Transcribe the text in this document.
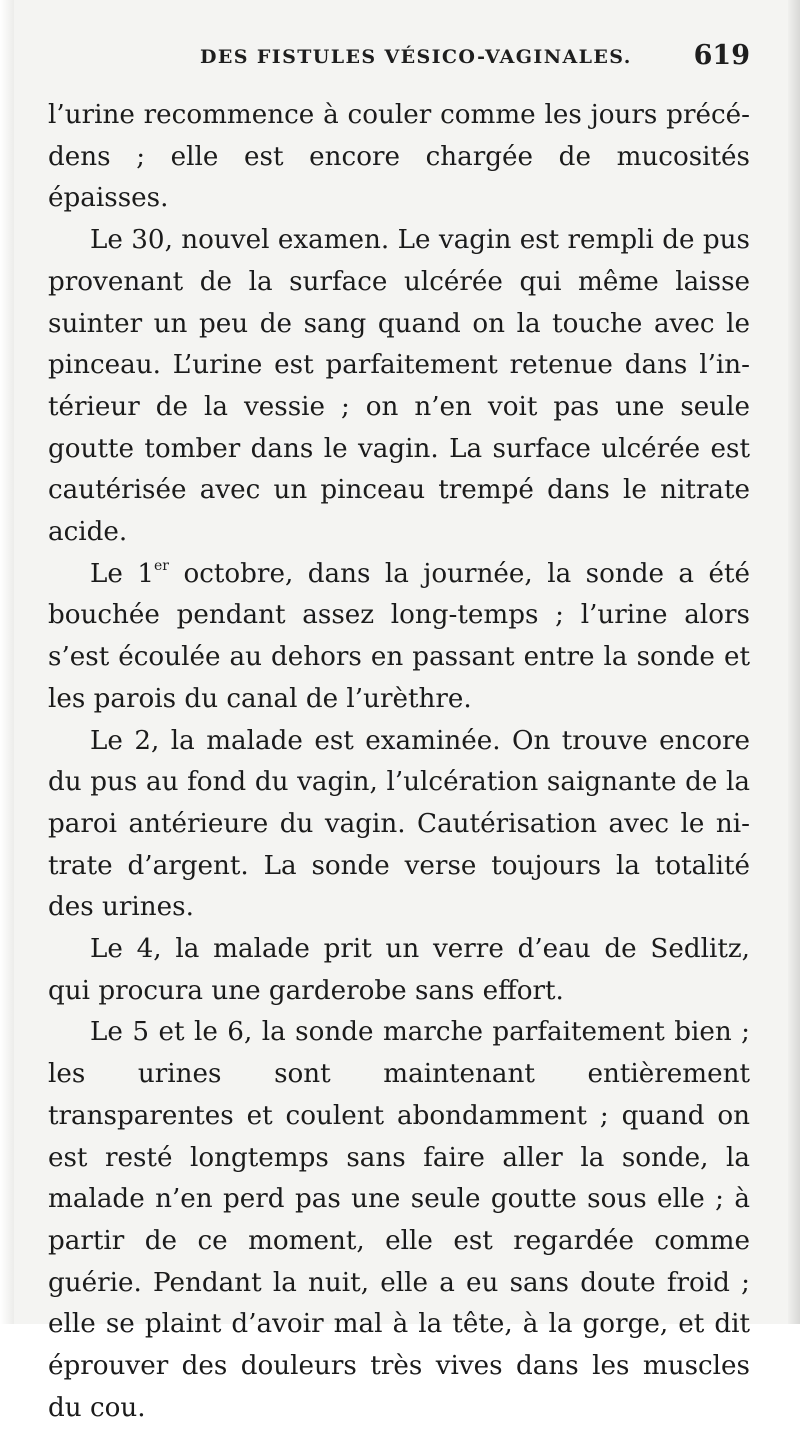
DES FISTULES VÉSICO-VAGINALES. 619

l’urine recommence à couler comme les jours précédens ; elle est encore chargée de mucosités épaisses.

Le 30, nouvel examen. Le vagin est rempli de pus provenant de la surface ulcérée qui même laisse suinter un peu de sang quand on la touche avec le pinceau. L’urine est parfaitement retenue dans l’intérieur de la vessie ; on n’en voit pas une seule goutte tomber dans le vagin. La surface ulcérée est cautérisée avec un pinceau trempé dans le nitrate acide.

Le 1er octobre, dans la journée, la sonde a été bouchée pendant assez long-temps ; l’urine alors s’est écoulée au dehors en passant entre la sonde et les parois du canal de l’urèthre.

Le 2, la malade est examinée. On trouve encore du pus au fond du vagin, l’ulcération saignante de la paroi antérieure du vagin. Cautérisation avec le nitrate d’argent. La sonde verse toujours la totalité des urines.

Le 4, la malade prit un verre d’eau de Sedlitz, qui procura une garderobe sans effort.

Le 5 et le 6, la sonde marche parfaitement bien ; les urines sont maintenant entièrement transparentes et coulent abondamment ; quand on est resté longtemps sans faire aller la sonde, la malade n’en perd pas une seule goutte sous elle ; à partir de ce moment, elle est regardée comme guérie. Pendant la nuit, elle a eu sans doute froid ; elle se plaint d’avoir mal à la tête, à la gorge, et dit éprouver des douleurs très vives dans les muscles du cou.
